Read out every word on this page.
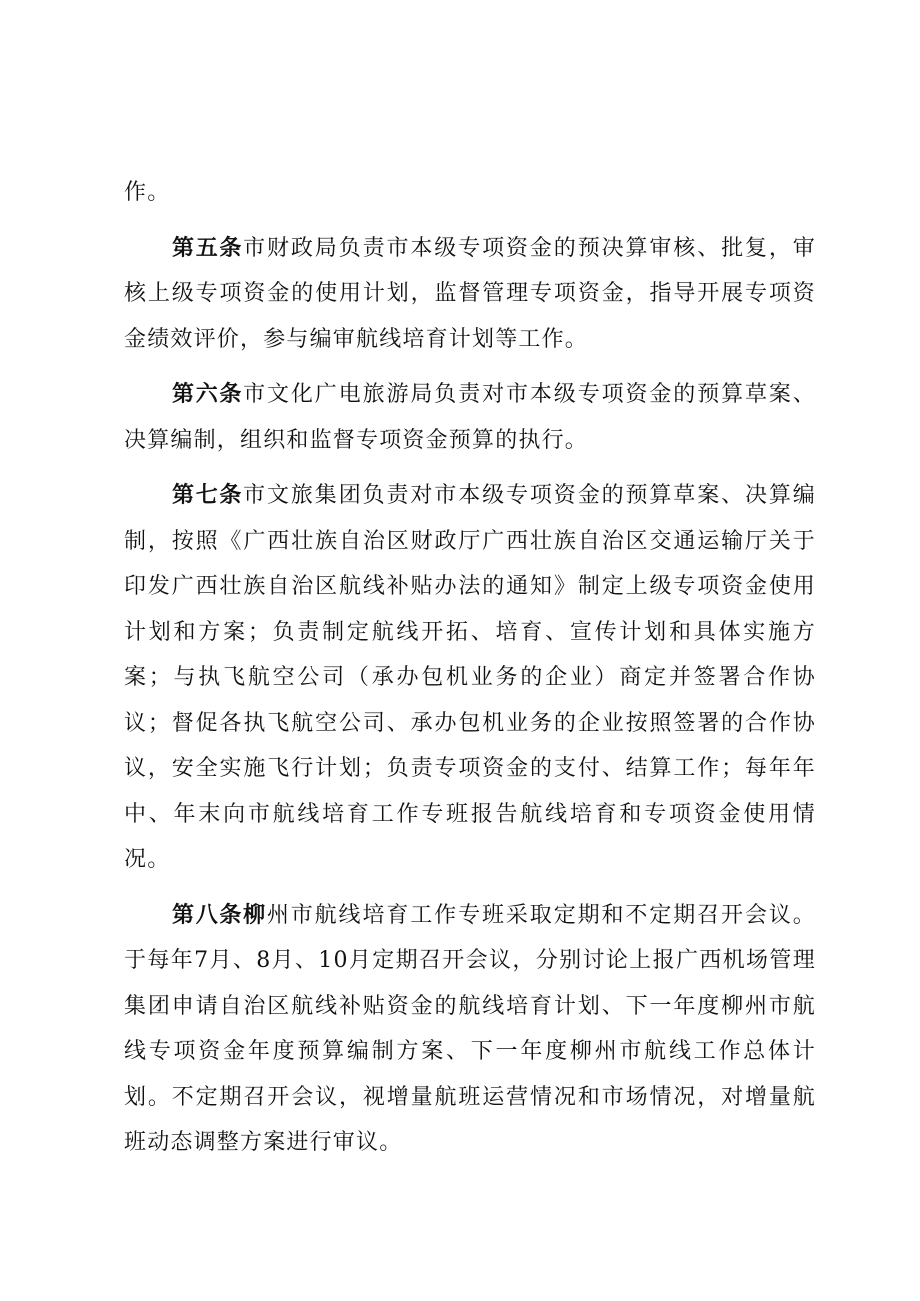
作。

第五条市财政局负责市本级专项资金的预决算审核、批复，审核上级专项资金的使用计划，监督管理专项资金，指导开展专项资金绩效评价，参与编审航线培育计划等工作。

第六条市文化广电旅游局负责对市本级专项资金的预算草案、决算编制，组织和监督专项资金预算的执行。

第七条市文旅集团负责对市本级专项资金的预算草案、决算编制，按照《广西壮族自治区财政厅广西壮族自治区交通运输厅关于印发广西壮族自治区航线补贴办法的通知》制定上级专项资金使用计划和方案；负责制定航线开拓、培育、宣传计划和具体实施方案；与执飞航空公司（承办包机业务的企业）商定并签署合作协议；督促各执飞航空公司、承办包机业务的企业按照签署的合作协议，安全实施飞行计划；负责专项资金的支付、结算工作；每年年中、年末向市航线培育工作专班报告航线培育和专项资金使用情况。

第八条柳州市航线培育工作专班采取定期和不定期召开会议。于每年7月、8月、10月定期召开会议，分别讨论上报广西机场管理集团申请自治区航线补贴资金的航线培育计划、下一年度柳州市航线专项资金年度预算编制方案、下一年度柳州市航线工作总体计划。不定期召开会议，视增量航班运营情况和市场情况，对增量航班动态调整方案进行审议。
